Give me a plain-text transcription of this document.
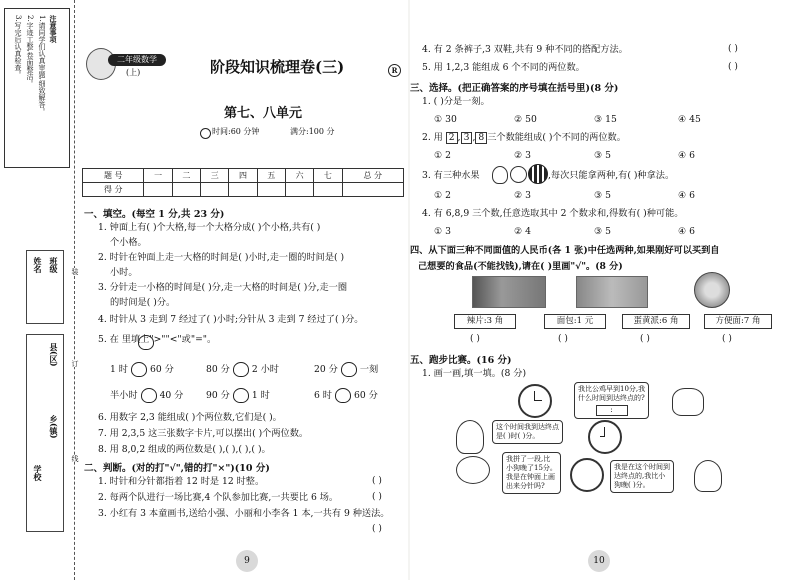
注意事项
1.请同学们认真审题,细致解答。
2.字迹工整,卷面整洁。
3.写完后认真检查。
装
订
线
班级
姓名
县(区)
乡(镇)
学校
二年级数学
(上)	阶段知识梳理卷(三)	R
第七、八单元
时间:60 分钟	满分:100 分
题 号	一	二	三	四	五	六	七	总 分
得 分								
一、填空。(每空 1 分,共 23 分)
1. 钟面上有( )个大格,每一个大格分成( )个小格,共有( )
个小格。
2. 时针在钟面上走一大格的时间是( )小时,走一圈的时间是( )
小时。
3. 分针走一小格的时间是( )分,走一大格的时间是( )分,走一圈
的时间是( )分。
4. 时针从 3 走到 7 经过了( )小时;分针从 3 走到 7 经过了( )分。
5. 在 里填上">""<"或"="。
1 时 60 分	80 分 2 小时	20 分 一刻
半小时 40 分 90 分 1 时	6 时 60 分
6. 用数字 2,3 能组成( )个两位数,它们是( )。
7. 用 2,3,5 这三张数字卡片,可以摆出( )个两位数。
8. 用 8,0,2 组成的两位数是( ),( ),( ),( )。
二、判断。(对的打"√",错的打"×")(10 分)
1. 时针和分针都指着 12 时是 12 时整。	( )
2. 每两个队进行一场比赛,4 个队参加比赛,一共要比 6 场。	( )
3. 小红有 3 本童画书,送给小强、小丽和小李各 1 本,一共有 9 种送法。
( )
9
4. 有 2 条裤子,3 双鞋,共有 9 种不同的搭配方法。	( )
5. 用 1,2,3 能组成 6 个不同的两位数。	( )
三、选择。(把正确答案的序号填在括号里)(8 分)
1. ( )分是一刻。
① 30	② 50	③ 15	④ 45
2. 用 2 , 3 , 8 三个数能组成( )个不同的两位数。
① 2	② 3	③ 5	④ 6
3. 有三种水果	,每次只能拿两种,有( )种拿法。
① 2	② 3	③ 5	④ 6
4. 有 6,8,9 三个数,任意选取其中 2 个数求和,得数有( )种可能。
① 3	② 4	③ 5	④ 6
四、从下面三种不同面值的人民币(各 1 张)中任选两种,如果刚好可以买到自
己想要的食品(不能找钱),请在( )里画"√"。(8 分)
辣片:3 角	面包:1 元	蛋黄派:6 角	方便面:7 角
( )	( )	( )	( )
五、跑步比赛。(16 分)
1. 画一画,填一填。(8 分)
我比公鸡早到10分,我
什么时间到达终点的?
:
这个时间我到达终点
是( )时( )分。
我拼了一段,比
小狗晚了15分。
我是在钟面上画
出来分针吗?
我是在这个时间到
达终点的,我比小
狗晚( )分。
10
